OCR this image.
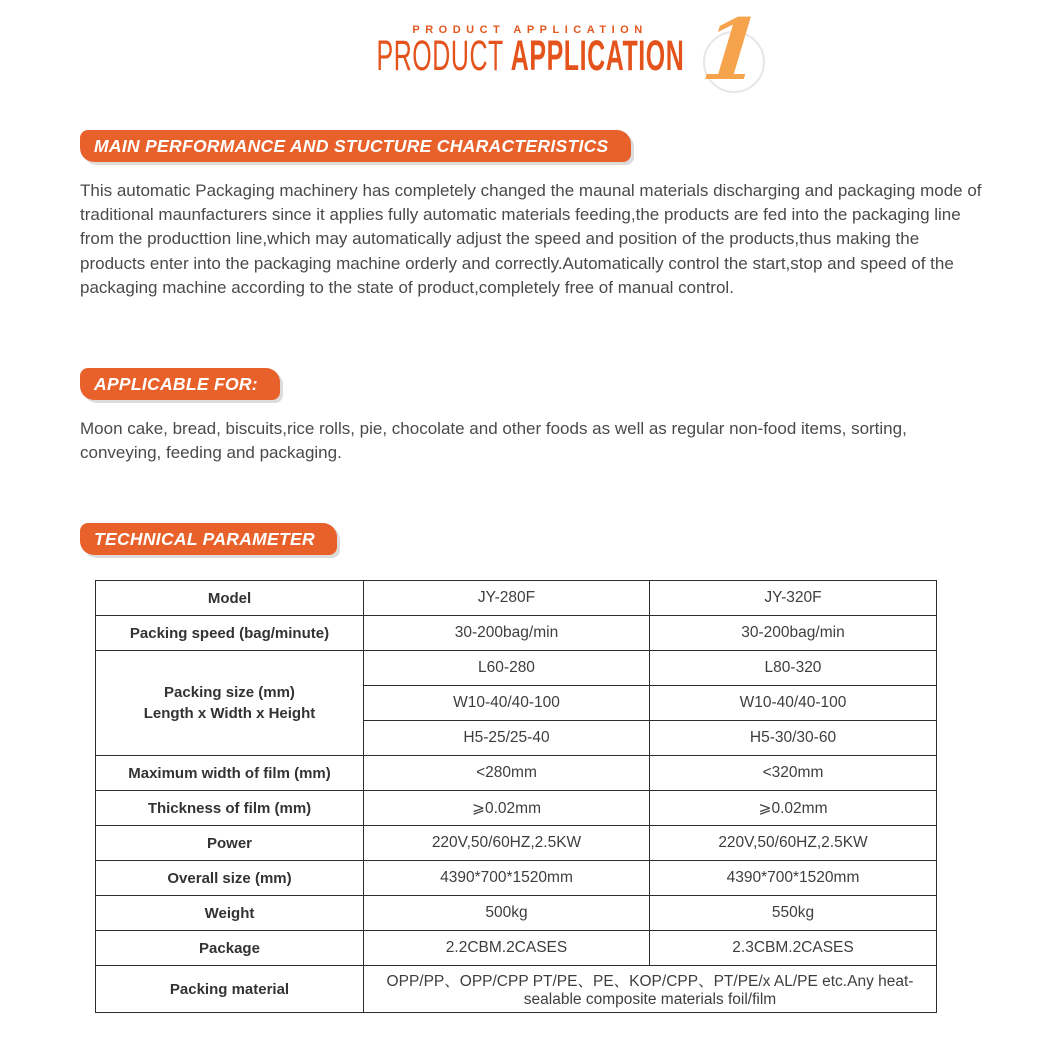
PRODUCT APPLICATION
PRODUCT APPLICATION 1
MAIN PERFORMANCE AND STUCTURE CHARACTERISTICS

This automatic Packaging machinery has completely changed the maunal materials discharging and packaging mode of traditional maunfacturers since it applies fully automatic materials feeding,the products are fed into the packaging line from the producttion line,which may automatically adjust the speed and position of the products,thus making the products enter into the packaging machine orderly and correctly.Automatically control the start,stop and speed of the packaging machine according to the state of product,completely free of manual control.

APPLICABLE FOR:

Moon cake, bread, biscuits,rice rolls, pie, chocolate and other foods as well as regular non-food items, sorting, conveying, feeding and packaging.

TECHNICAL PARAMETER
Model	JY-280F	JY-320F
Packing speed (bag/minute)	30-200bag/min	30-200bag/min

Packing size (mm)
Length x Width x Height	L60-280	L80-320
	W10-40/40-100	W10-40/40-100
	H5-25/25-40	H5-30/30-60
Maximum width of film (mm)	<280mm	<320mm
Thickness of film (mm)	⩾0.02mm	⩾0.02mm
Power	220V,50/60HZ,2.5KW	220V,50/60HZ,2.5KW
Overall size (mm)	4390*700*1520mm	4390*700*1520mm
Weight	500kg	550kg
Package	2.2CBM.2CASES	2.3CBM.2CASES
Packing material	OPP/PP、OPP/CPP PT/PE、PE、KOP/CPP、PT/PE/x AL/PE etc.Any heat-sealable composite materials foil/film	
